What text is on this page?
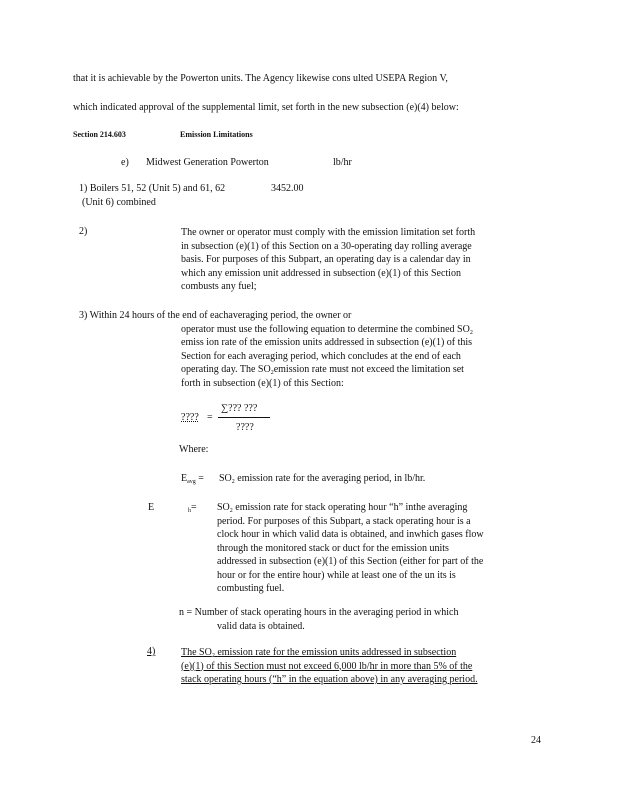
that it is achievable by the Powerton units. The Agency likewise cons ulted USEPA Region V,
which indicated approval of the supplemental limit, set forth in the new subsection (e)(4) below:
Section 214.603	Emission Limitations
e) Midwest Generation Powerton	lb/hr
1) Boilers 51, 52 (Unit 5) and 61, 62	3452.00
(Unit 6) combined
2)	The owner or operator must comply with the emission limitation set forth
in subsection (e)(1) of this Section on a 30-operating day rolling average
basis. For purposes of this Subpart, an operating day is a calendar day in
which any emission unit addressed in subsection (e)(1) of this Section
combusts any fuel;
3) Within 24 hours of the end of eachaveraging period, the owner or
operator must use the following equation to determine the combined $SO_2$
emiss ion rate of the emission units addressed in subsection (e)(1) of this
Section for each averaging period, which concludes at the end of each
operating day. The $SO_2emission$ rate must not exceed the limitation set
forth in subsection (e)(1) of this Section:
∑??? ???
???? =
????
Where:
$E_{avg} = SO_2$ emission rate for the averaging period, in lb/hr.
E	$_h= SO_2$ emission rate for stack operating hour “h” inthe averaging
period. For purposes of this Subpart, a stack operating hour is a
clock hour in which valid data is obtained, and inwhich gases flow
through the monitored stack or duct for the emission units
addressed in subsection (e)(1) of this Section (either for part of the
hour or for the entire hour) while at least one of the un its is
combusting fuel.
n = Number of stack operating hours in the averaging period in which
valid data is obtained.
4)	The $SO_2$ emission rate for the emission units addressed in subsection
(e)(1) of this Section must not exceed 6,000 lb/hr in more than 5% of the
stack operating hours (“h” in the equation above) in any averaging period.
24
